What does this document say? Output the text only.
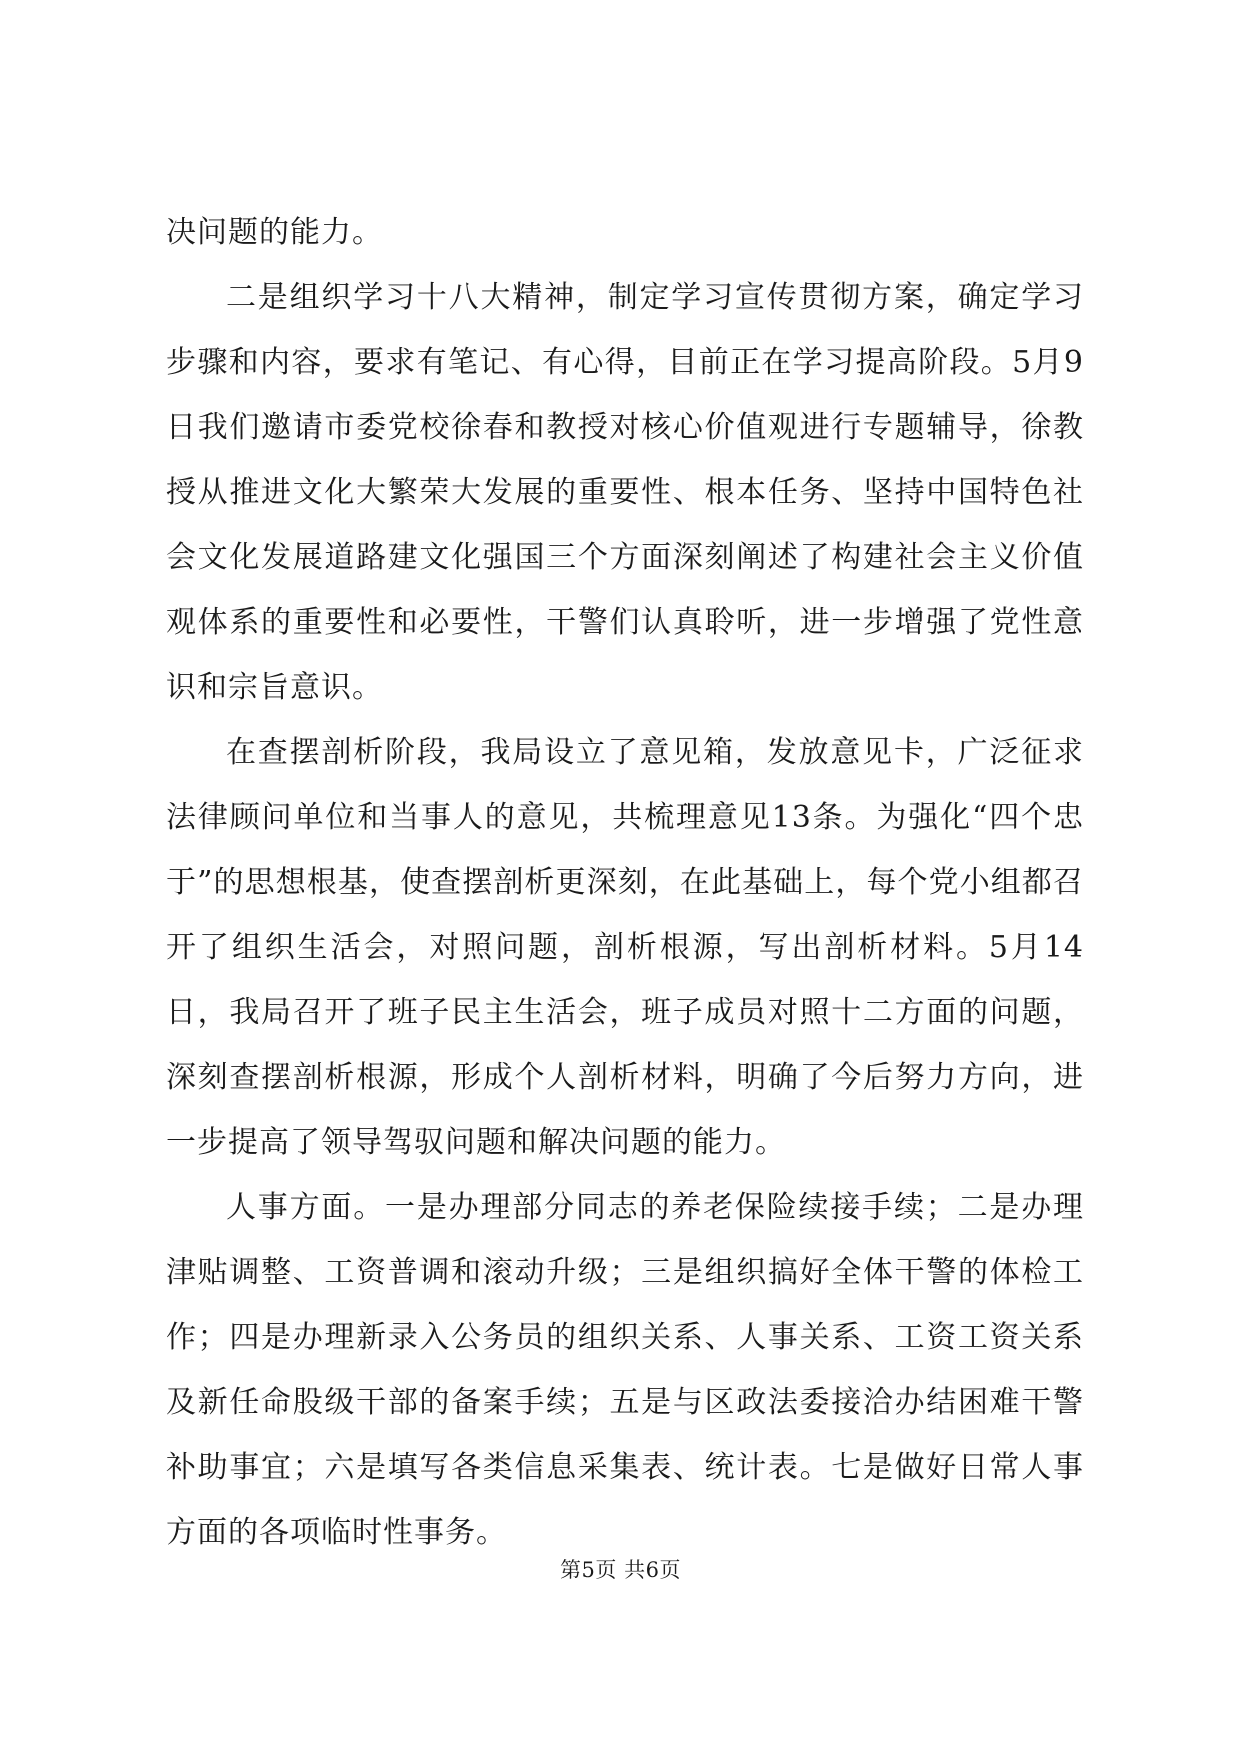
决问题的能力。

二是组织学习十八大精神，制定学习宣传贯彻方案，确定学习步骤和内容，要求有笔记、有心得，目前正在学习提高阶段。5月9日我们邀请市委党校徐春和教授对核心价值观进行专题辅导，徐教授从推进文化大繁荣大发展的重要性、根本任务、坚持中国特色社会文化发展道路建文化强国三个方面深刻阐述了构建社会主义价值观体系的重要性和必要性，干警们认真聆听，进一步增强了党性意识和宗旨意识。

在查摆剖析阶段，我局设立了意见箱，发放意见卡，广泛征求法律顾问单位和当事人的意见，共梳理意见13条。为强化“四个忠于”的思想根基，使查摆剖析更深刻，在此基础上，每个党小组都召开了组织生活会，对照问题，剖析根源，写出剖析材料。5月14日，我局召开了班子民主生活会，班子成员对照十二方面的问题，深刻查摆剖析根源，形成个人剖析材料，明确了今后努力方向，进一步提高了领导驾驭问题和解决问题的能力。

人事方面。一是办理部分同志的养老保险续接手续；二是办理津贴调整、工资普调和滚动升级；三是组织搞好全体干警的体检工作；四是办理新录入公务员的组织关系、人事关系、工资工资关系及新任命股级干部的备案手续；五是与区政法委接洽办结困难干警补助事宜；六是填写各类信息采集表、统计表。七是做好日常人事方面的各项临时性事务。

第5页 共6页
